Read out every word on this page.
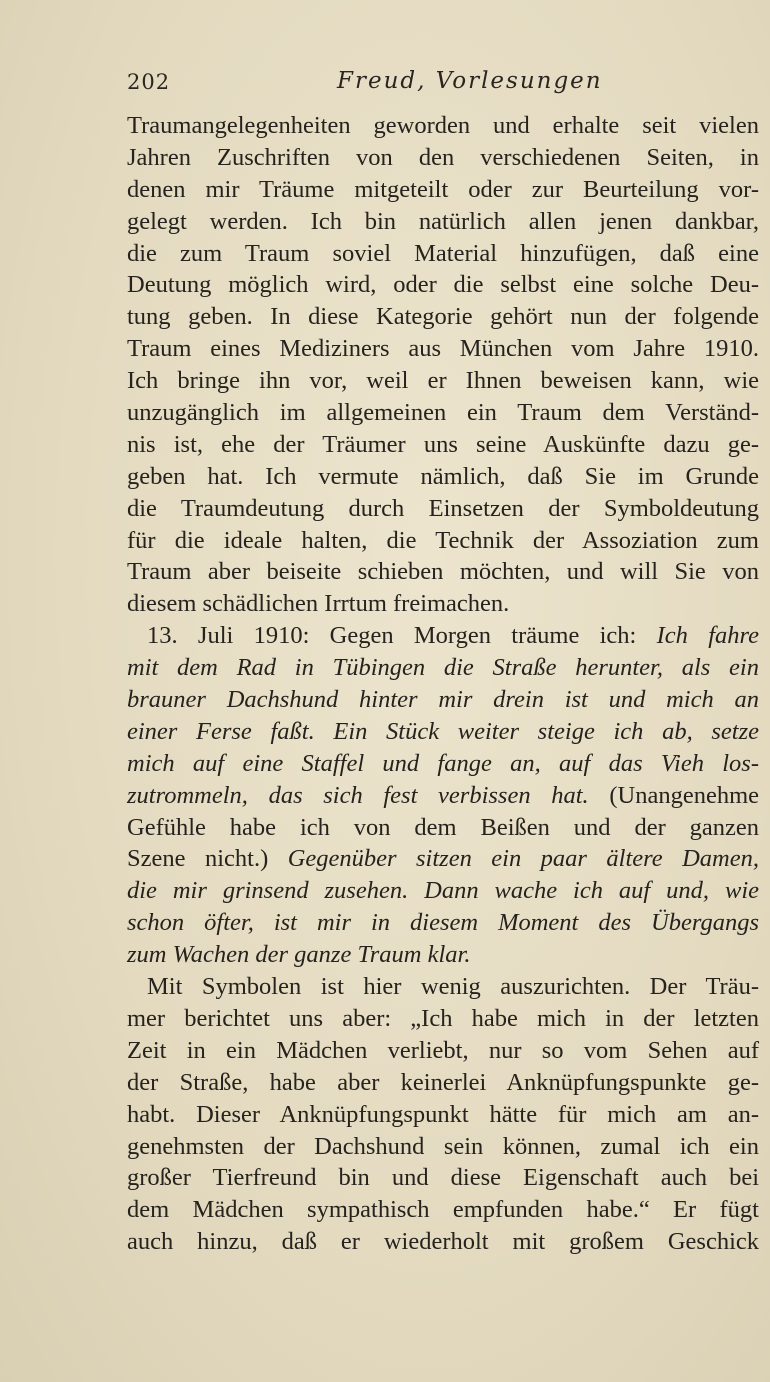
202	Freud, Vorlesungen
Traumangelegenheiten geworden und erhalte seit vielen
Jahren Zuschriften von den verschiedenen Seiten, in
denen mir Träume mitgeteilt oder zur Beurteilung vor-
gelegt werden. Ich bin natürlich allen jenen dankbar,
die zum Traum soviel Material hinzufügen, daß eine
Deutung möglich wird, oder die selbst eine solche Deu-
tung geben. In diese Kategorie gehört nun der folgende
Traum eines Mediziners aus München vom Jahre 1910.
Ich bringe ihn vor, weil er Ihnen beweisen kann, wie
unzugänglich im allgemeinen ein Traum dem Verständ-
nis ist, ehe der Träumer uns seine Auskünfte dazu ge-
geben hat. Ich vermute nämlich, daß Sie im Grunde
die Traumdeutung durch Einsetzen der Symboldeutung
für die ideale halten, die Technik der Assoziation zum
Traum aber beiseite schieben möchten, und will Sie von
diesem schädlichen Irrtum freimachen.
13. Juli 1910: Gegen Morgen träume ich: Ich fahre
mit dem Rad in Tübingen die Straße herunter, als ein
brauner Dachshund hinter mir drein ist und mich an
einer Ferse faßt. Ein Stück weiter steige ich ab, setze
mich auf eine Staffel und fange an, auf das Vieh los-
zutrommeln, das sich fest verbissen hat. (Unangenehme
Gefühle habe ich von dem Beißen und der ganzen
Szene nicht.) Gegenüber sitzen ein paar ältere Damen,
die mir grinsend zusehen. Dann wache ich auf und, wie
schon öfter, ist mir in diesem Moment des Übergangs
zum Wachen der ganze Traum klar.
Mit Symbolen ist hier wenig auszurichten. Der Träu-
mer berichtet uns aber: „Ich habe mich in der letzten
Zeit in ein Mädchen verliebt, nur so vom Sehen auf
der Straße, habe aber keinerlei Anknüpfungspunkte ge-
habt. Dieser Anknüpfungspunkt hätte für mich am an-
genehmsten der Dachshund sein können, zumal ich ein
großer Tierfreund bin und diese Eigenschaft auch bei
dem Mädchen sympathisch empfunden habe.“ Er fügt
auch hinzu, daß er wiederholt mit großem Geschick
